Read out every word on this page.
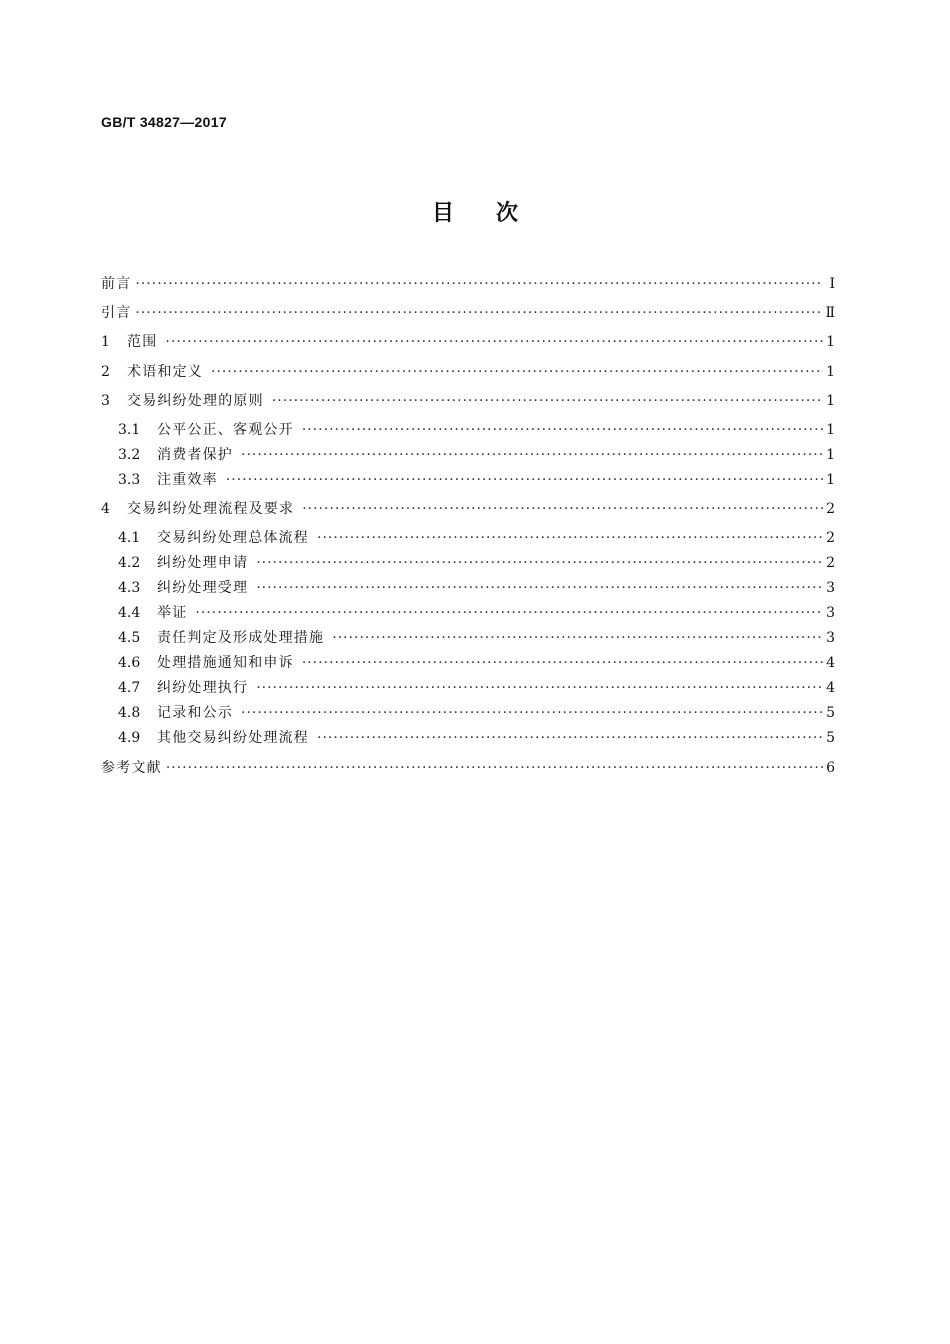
GB/T 34827—2017
目次
前言 ·····	Ⅰ
引言 ·····	Ⅱ
1	范围 ·····	1
2	术语和定义 ·····	1
3	交易纠纷处理的原则 ·····	1
3.1	公平公正、客观公开 ·····	1
3.2	消费者保护 ·····	1
3.3	注重效率 ·····	1
4	交易纠纷处理流程及要求 ·····	2
4.1	交易纠纷处理总体流程 ·····	2
4.2	纠纷处理申请 ·····	2
4.3	纠纷处理受理 ·····	3
4.4	举证 ·····	3
4.5	责任判定及形成处理措施 ·····	3
4.6	处理措施通知和申诉 ·····	4
4.7	纠纷处理执行 ·····	4
4.8	记录和公示 ·····	5
4.9	其他交易纠纷处理流程 ·····	5
参考文献 ·····	6
